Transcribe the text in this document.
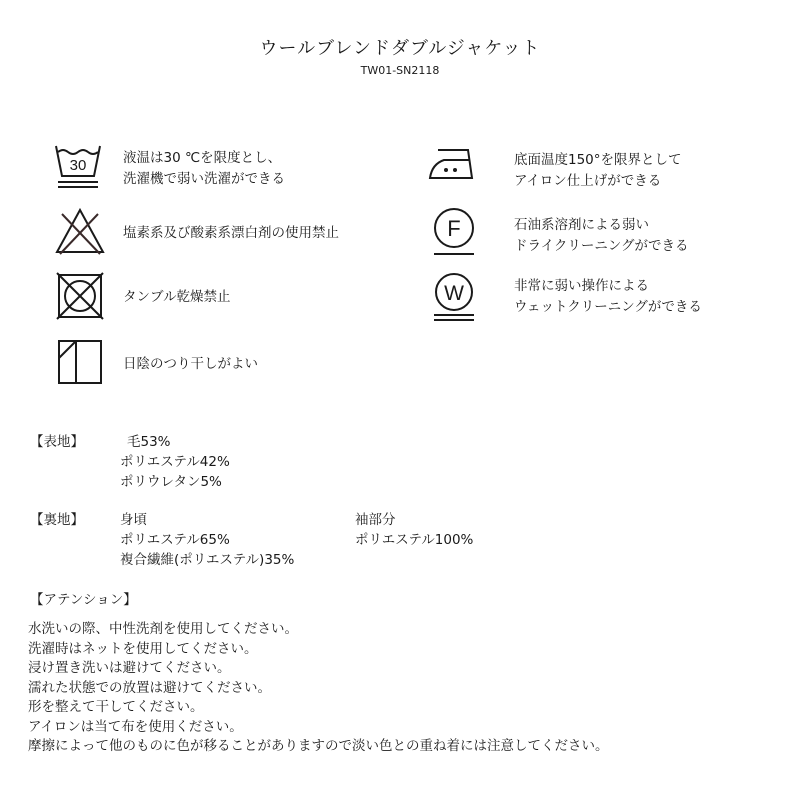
ウールブレンドダブルジャケット
TW01-SN2118
30	液温は30 ℃を限度とし、
洗濯機で弱い洗濯ができる
塩素系及び酸素系漂白剤の使用禁止
タンブル乾燥禁止
日陰のつり干しがよい
底面温度150°を限界として
アイロン仕上げができる
F	石油系溶剤による弱い
ドライクリーニングができる
W	非常に弱い操作による
ウェットクリーニングができる
【表地】	毛53%
ポリエステル42%
ポリウレタン5%
【裏地】	身頃
ポリエステル65%
複合繊維(ポリエステル)35%
袖部分
ポリエステル100%
【アテンション】
水洗いの際、中性洗剤を使用してください。
洗濯時はネットを使用してください。
浸け置き洗いは避けてください。
濡れた状態での放置は避けてください。
形を整えて干してください。
アイロンは当て布を使用ください。
摩擦によって他のものに色が移ることがありますので淡い色との重ね着には注意してください。
